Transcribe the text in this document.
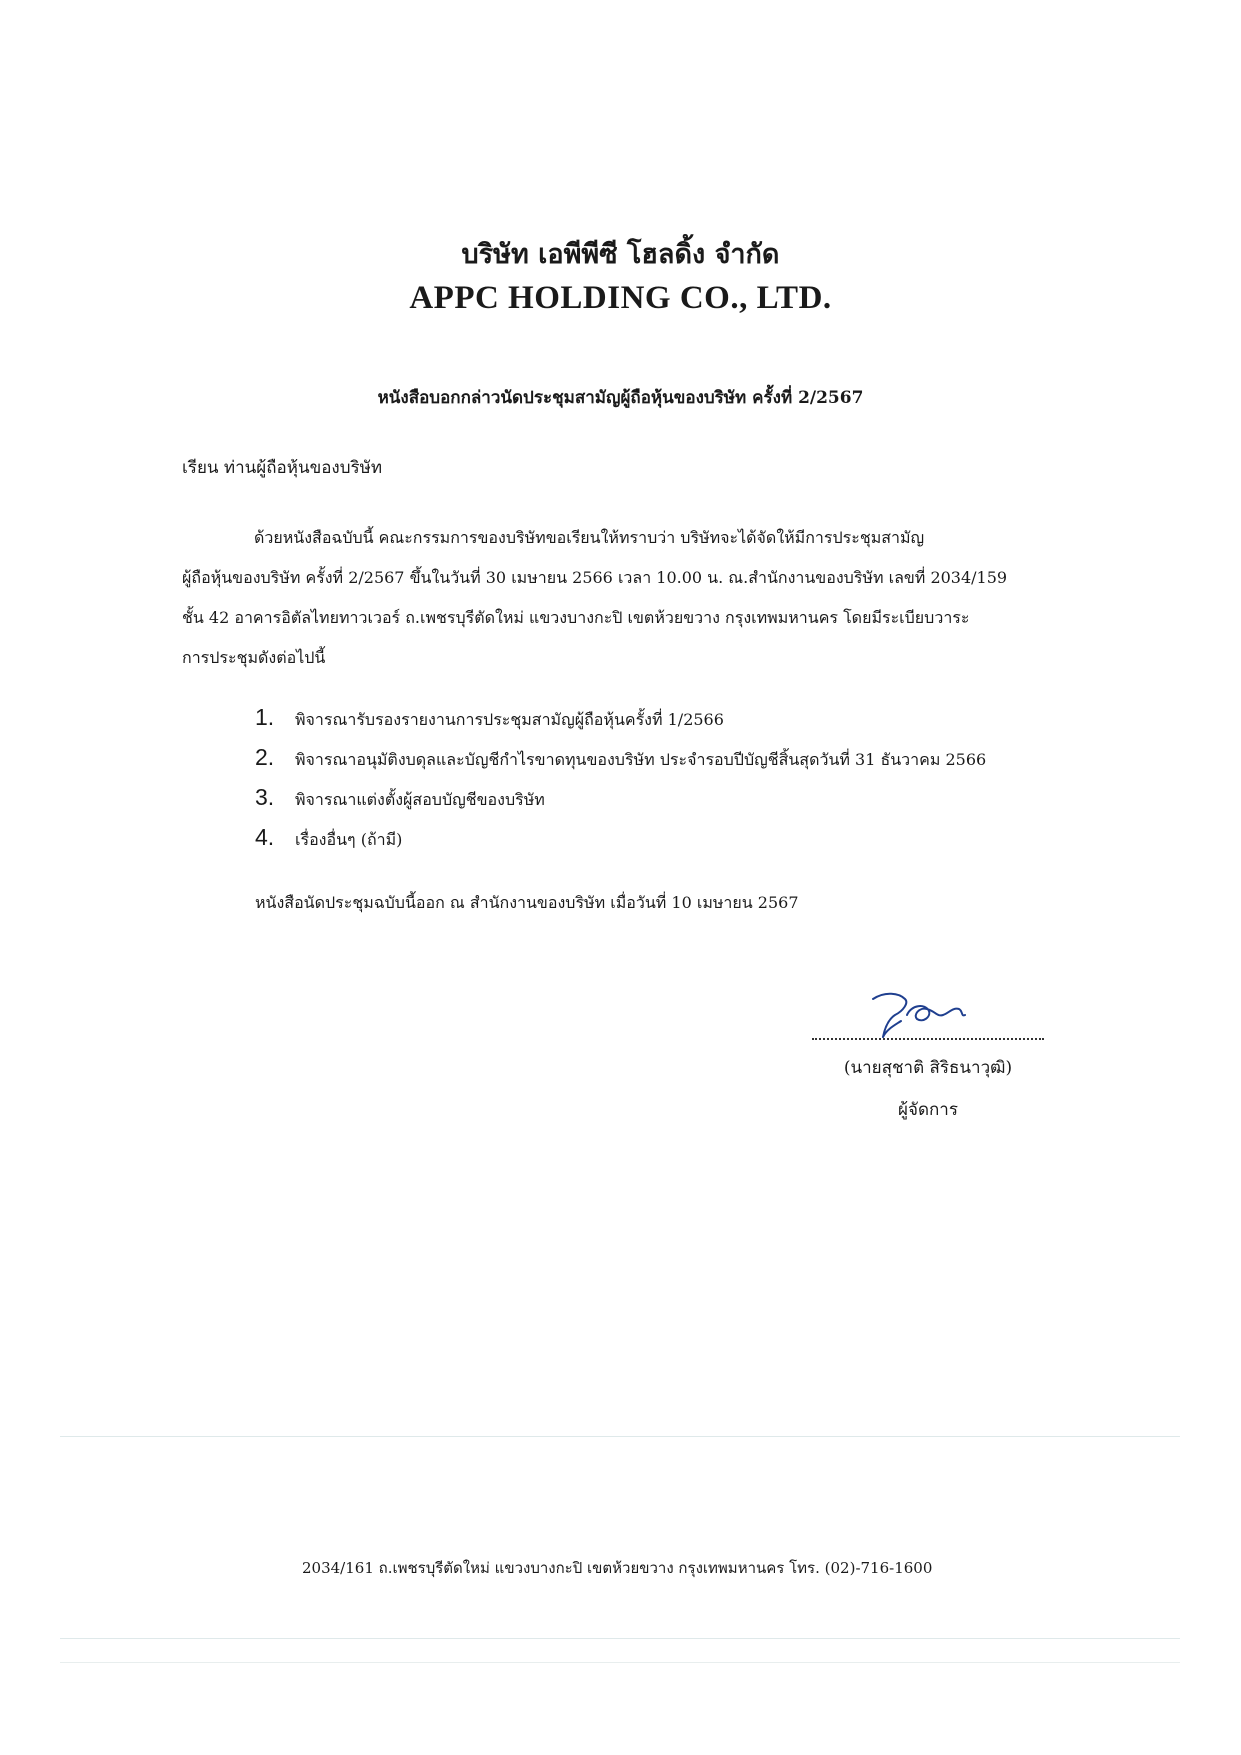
บริษัท เอพีพีซี โฮลดิ้ง จำกัด
APPC HOLDING CO., LTD.
หนังสือบอกกล่าวนัดประชุมสามัญผู้ถือหุ้นของบริษัท ครั้งที่ 2/2567
เรียน ท่านผู้ถือหุ้นของบริษัท
ด้วยหนังสือฉบับนี้ คณะกรรมการของบริษัทขอเรียนให้ทราบว่า บริษัทจะได้จัดให้มีการประชุมสามัญ
ผู้ถือหุ้นของบริษัท ครั้งที่ 2/2567 ขึ้นในวันที่ 30 เมษายน 2566 เวลา 10.00 น. ณ.สำนักงานของบริษัท เลขที่ 2034/159
ชั้น 42 อาคารอิตัลไทยทาวเวอร์ ถ.เพชรบุรีตัดใหม่ แขวงบางกะปิ เขตห้วยขวาง กรุงเทพมหานคร โดยมีระเบียบวาระ
การประชุมดังต่อไปนี้
1.	พิจารณารับรองรายงานการประชุมสามัญผู้ถือหุ้นครั้งที่ 1/2566
2.	พิจารณาอนุมัติงบดุลและบัญชีกำไรขาดทุนของบริษัท ประจำรอบปีบัญชีสิ้นสุดวันที่ 31 ธันวาคม 2566
3.	พิจารณาแต่งตั้งผู้สอบบัญชีของบริษัท
4.	เรื่องอื่นๆ (ถ้ามี)
หนังสือนัดประชุมฉบับนี้ออก ณ สำนักงานของบริษัท เมื่อวันที่ 10 เมษายน 2567
(นายสุชาติ สิริธนาวุฒิ)
ผู้จัดการ
2034/161 ถ.เพชรบุรีตัดใหม่ แขวงบางกะปิ เขตห้วยขวาง กรุงเทพมหานคร โทร. (02)-716-1600
